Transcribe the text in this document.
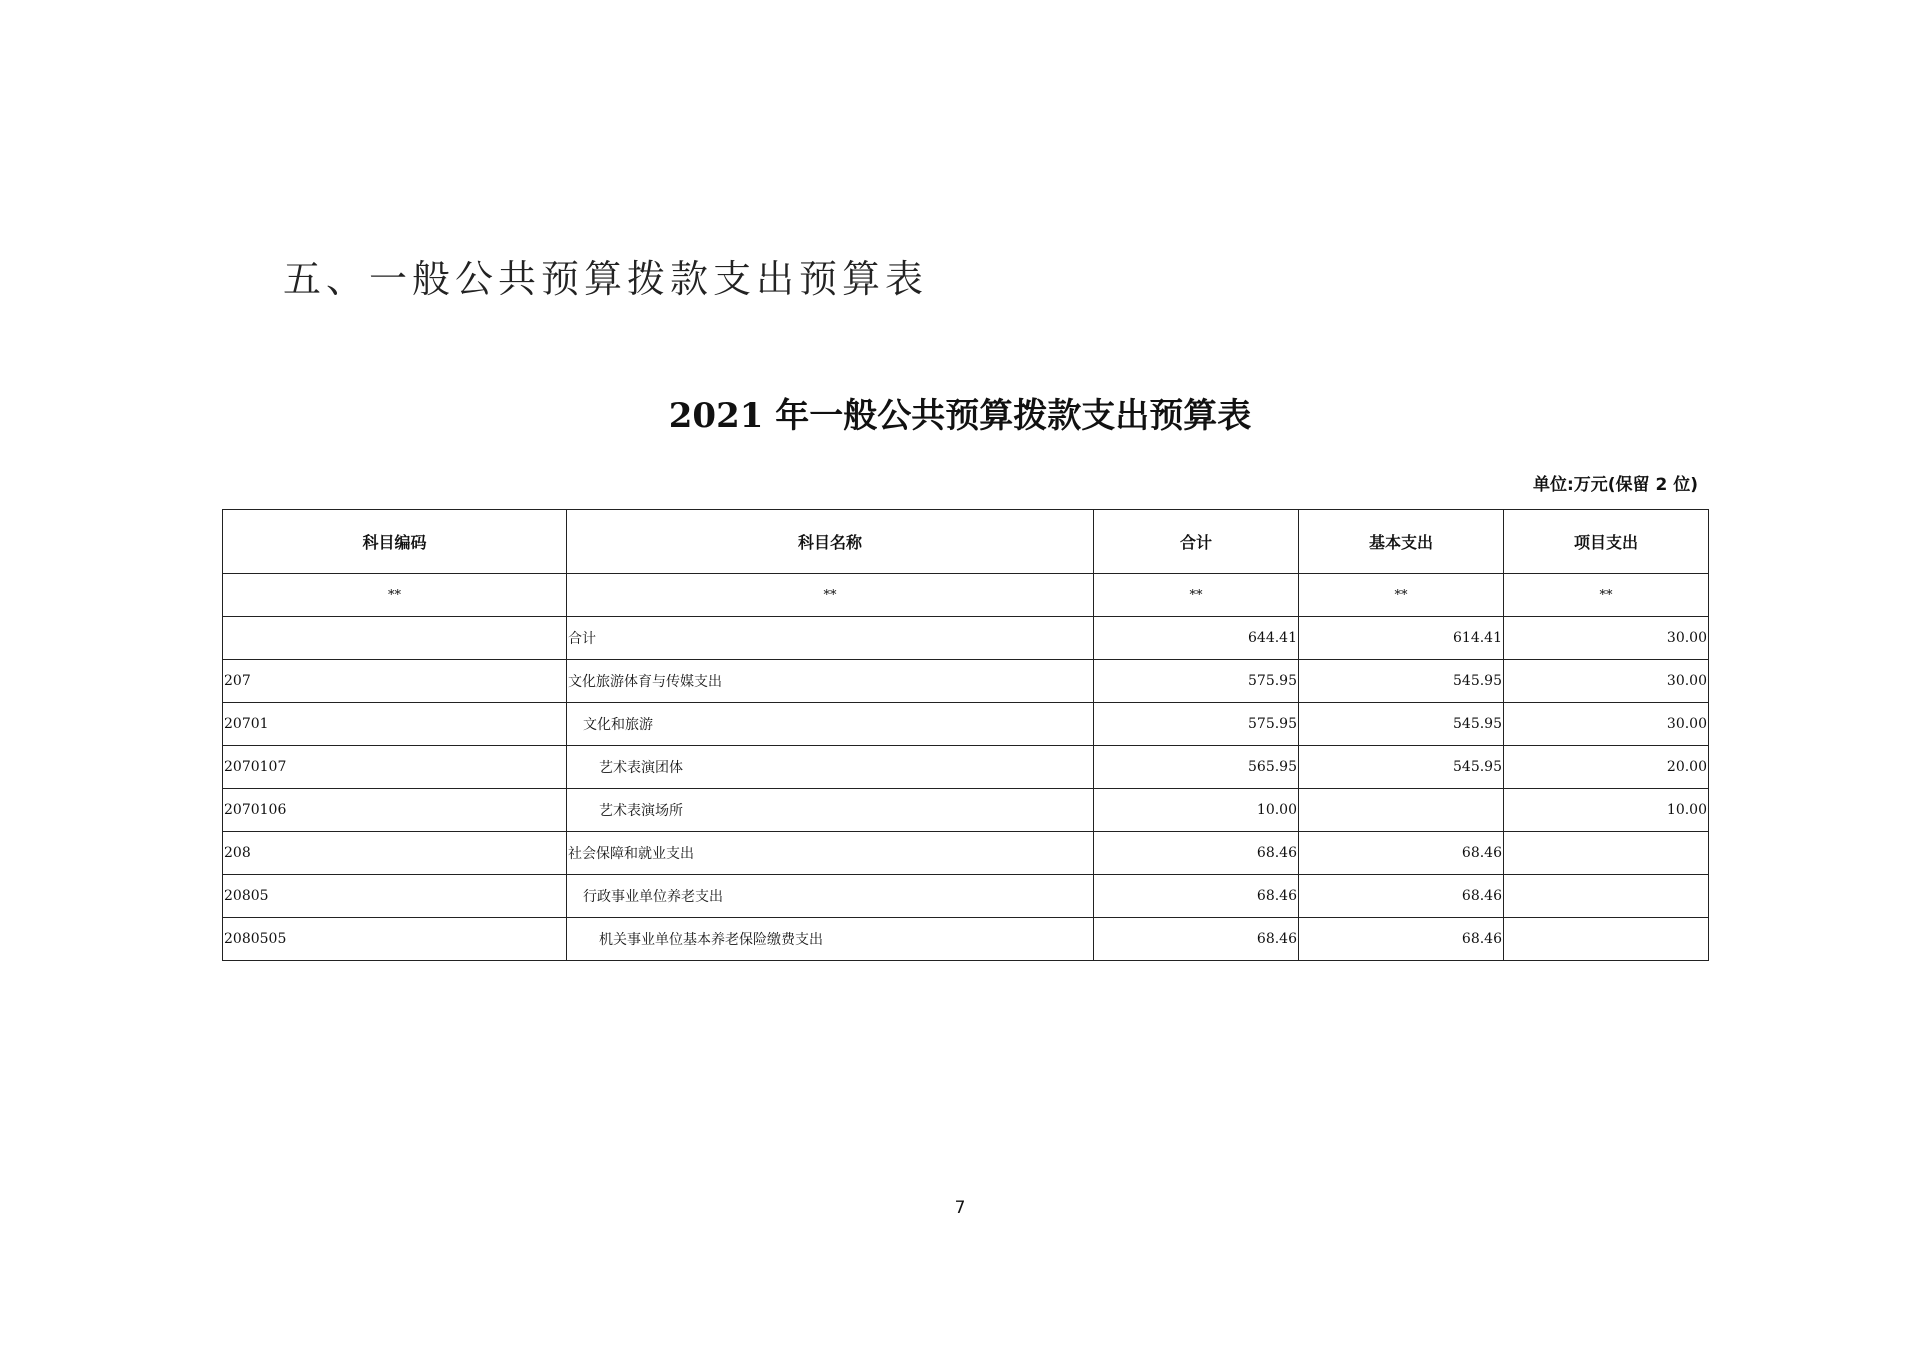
五、一般公共预算拨款支出预算表
2021 年一般公共预算拨款支出预算表
单位:万元(保留 2 位)
科目编码	科目名称	合计	基本支出	项目支出
**	**	**	**	**
	合计	644.41	614.41	30.00
207	文化旅游体育与传媒支出	575.95	545.95	30.00
20701	文化和旅游	575.95	545.95	30.00
2070107	艺术表演团体	565.95	545.95	20.00
2070106	艺术表演场所	10.00		10.00
208	社会保障和就业支出	68.46	68.46	
20805	行政事业单位养老支出	68.46	68.46	
2080505	机关事业单位基本养老保险缴费支出	68.46	68.46	
7
